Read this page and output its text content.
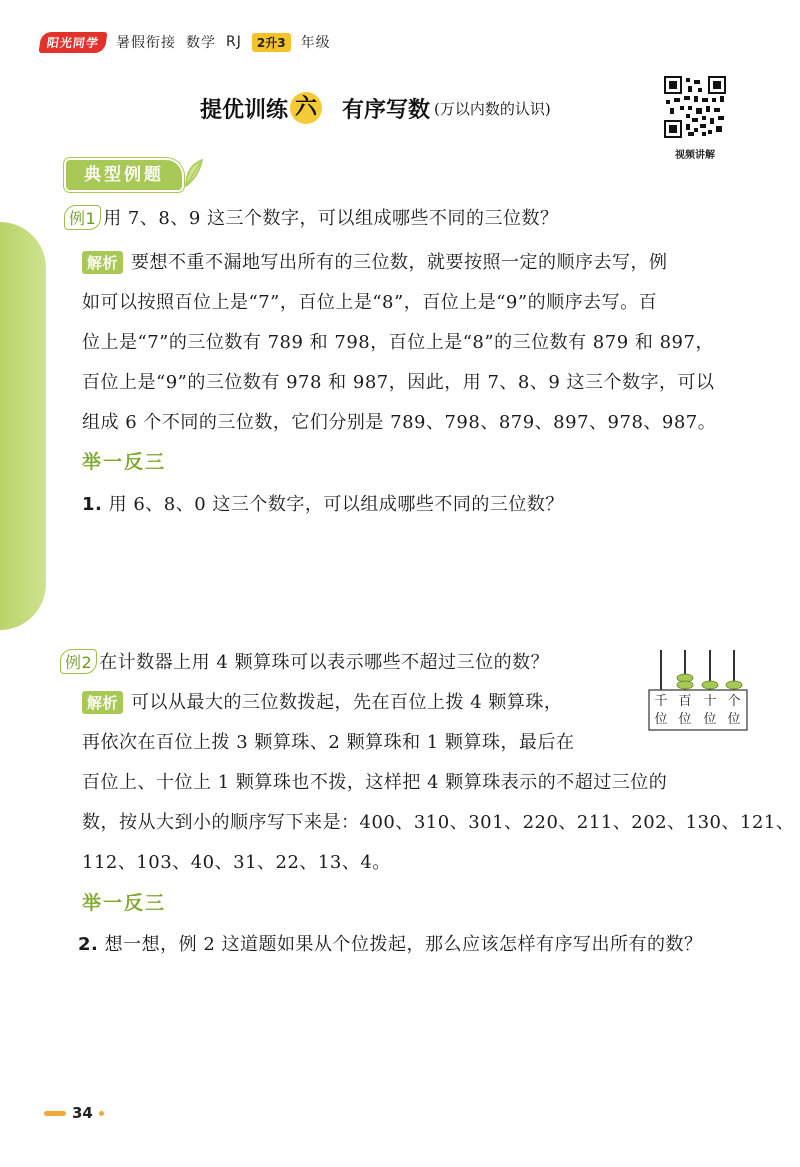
阳光同学	暑假衔接 数学 RJ	2升3	年级
提优训练 六 有序写数 (万以内数的认识)
视频讲解
典型例题
例1 用 7、8、9 这三个数字，可以组成哪些不同的三位数？
解析 要想不重不漏地写出所有的三位数，就要按照一定的顺序去写，例
如可以按照百位上是“7”，百位上是“8”，百位上是“9”的顺序去写。百
位上是“7”的三位数有 789 和 798，百位上是“8”的三位数有 879 和 897，
百位上是“9”的三位数有 978 和 987，因此，用 7、8、9 这三个数字，可以
组成 6 个不同的三位数，它们分别是 789、798、879、897、978、987。
举一反三
1. 用 6、8、0 这三个数字，可以组成哪些不同的三位数？
例2 在计数器上用 4 颗算珠可以表示哪些不超过三位的数？
解析 可以从最大的三位数拨起，先在百位上拨 4 颗算珠，
再依次在百位上拨 3 颗算珠、2 颗算珠和 1 颗算珠，最后在
百位上、十位上 1 颗算珠也不拨，这样把 4 颗算珠表示的不超过三位的
数，按从大到小的顺序写下来是：400、310、301、220、211、202、130、121、
112、103、40、31、22、13、4。
千
位
百
位
十
位
个
位
举一反三
2. 想一想，例 2 这道题如果从个位拨起，那么应该怎样有序写出所有的数？
34
